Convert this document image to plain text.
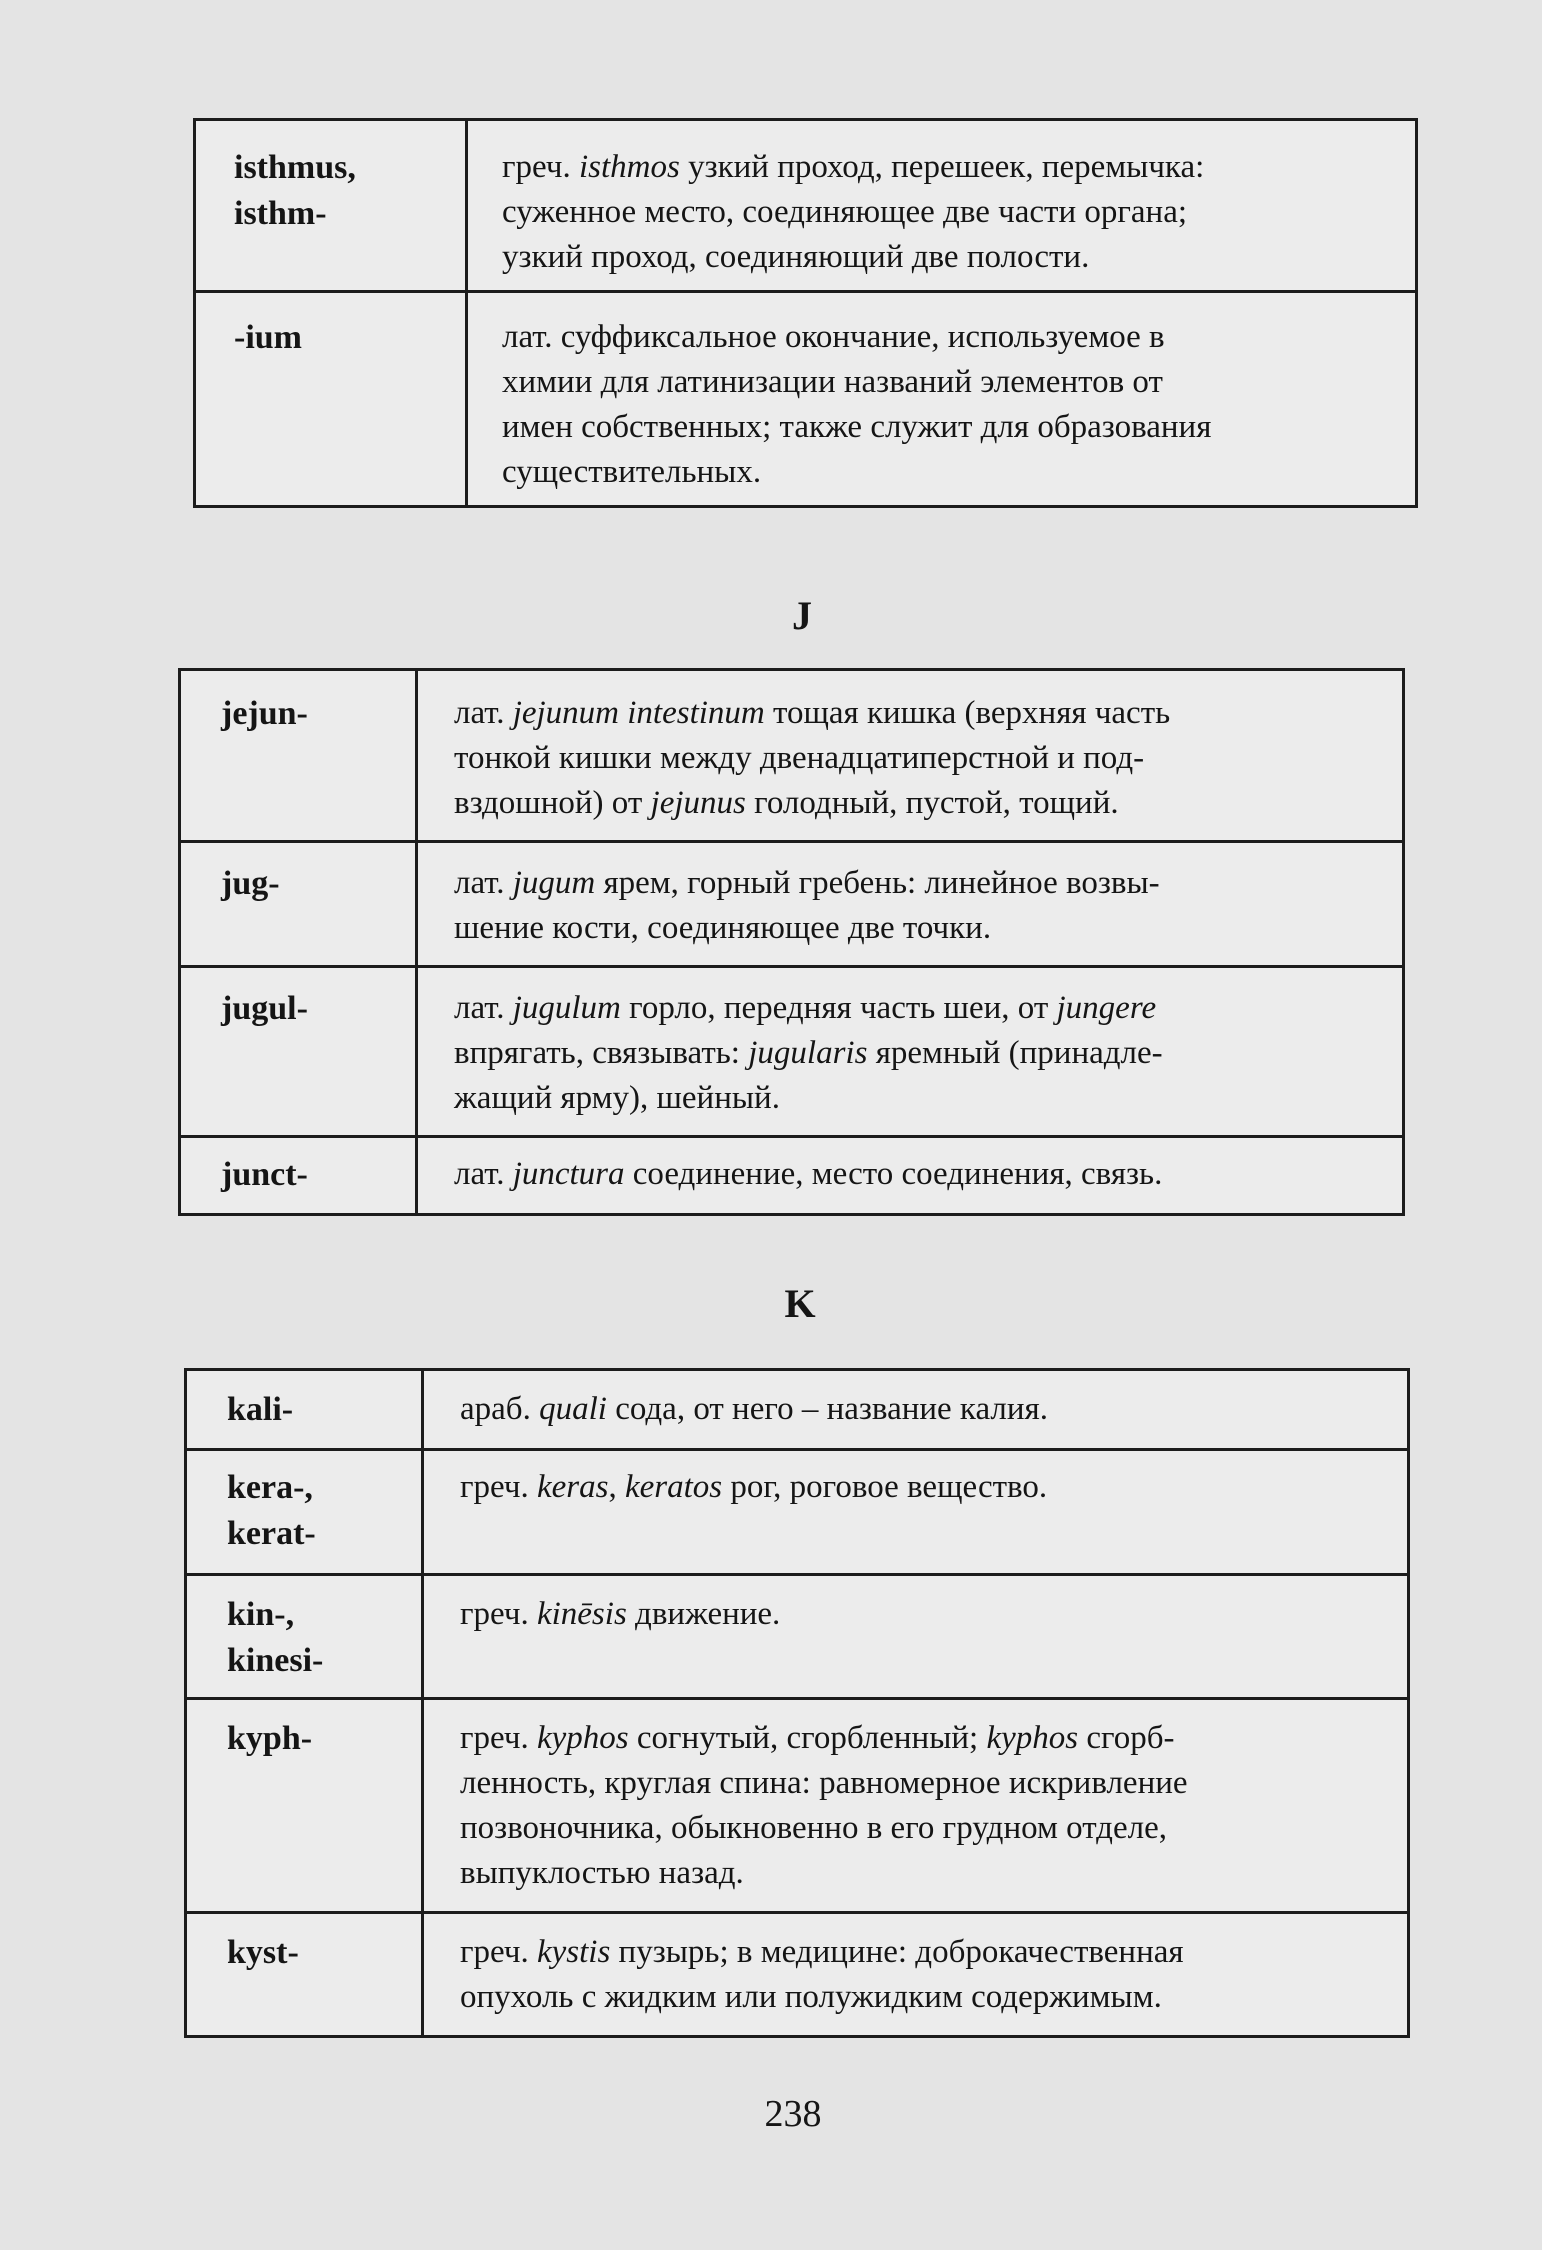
isthmus,
isthm-	греч. isthmos узкий проход, перешеек, перемычка:
суженное место, соединяющее две части органа;
узкий проход, соединяющий две полости.

-ium	лат. суффиксальное окончание, используемое в
химии для латинизации названий элементов от
имен собственных; также служит для образования
существительных.
J
jejun-	лат. jejunum intestinum тощая кишка (верхняя часть
тонкой кишки между двенадцатиперстной и под-
вздошной) от jejunus голодный, пустой, тощий.

jug-	лат. jugum ярем, горный гребень: линейное возвы-
шение кости, соединяющее две точки.

jugul-	лат. jugulum горло, передняя часть шеи, от jungere
впрягать, связывать: jugularis яремный (принадле-
жащий ярму), шейный.

junct-	лат. junctura соединение, место соединения, связь.
K
kali-	араб. quali сода, от него – название калия.

kera-,
kerat-	греч. keras, keratos рог, роговое вещество.

kin-,
kinesi-	греч. kinēsis движение.

kyph-	греч. kyphos согнутый, сгорбленный; kyphos сгорб-
ленность, круглая спина: равномерное искривление
позвоночника, обыкновенно в его грудном отделе,
выпуклостью назад.

kyst-	греч. kystis пузырь; в медицине: доброкачественная
опухоль с жидким или полужидким содержимым.
238
